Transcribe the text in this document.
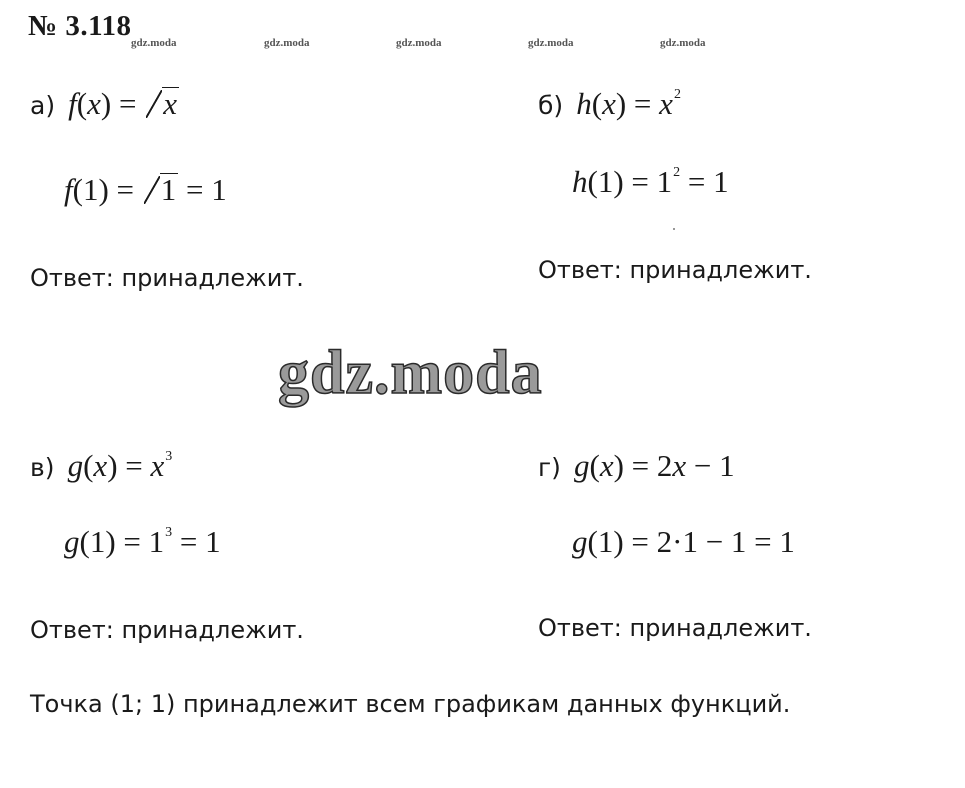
№ 3.118
gdz.moda	gdz.moda	gdz.moda	gdz.moda	gdz.moda
а) f(x) = x
f(1) = 1 = 1
Ответ: принадлежит.
б) $h(x) = x^2$
$h(1) = 1^2 = 1$
Ответ: принадлежит.
gdz.moda
в) $g(x) = x^3$
$g(1) = 1^3 = 1$
Ответ: принадлежит.
г) g(x) = 2x − 1
g(1) = 2·1 − 1 = 1
Ответ: принадлежит.
Точка (1; 1) принадлежит всем графикам данных функций.
